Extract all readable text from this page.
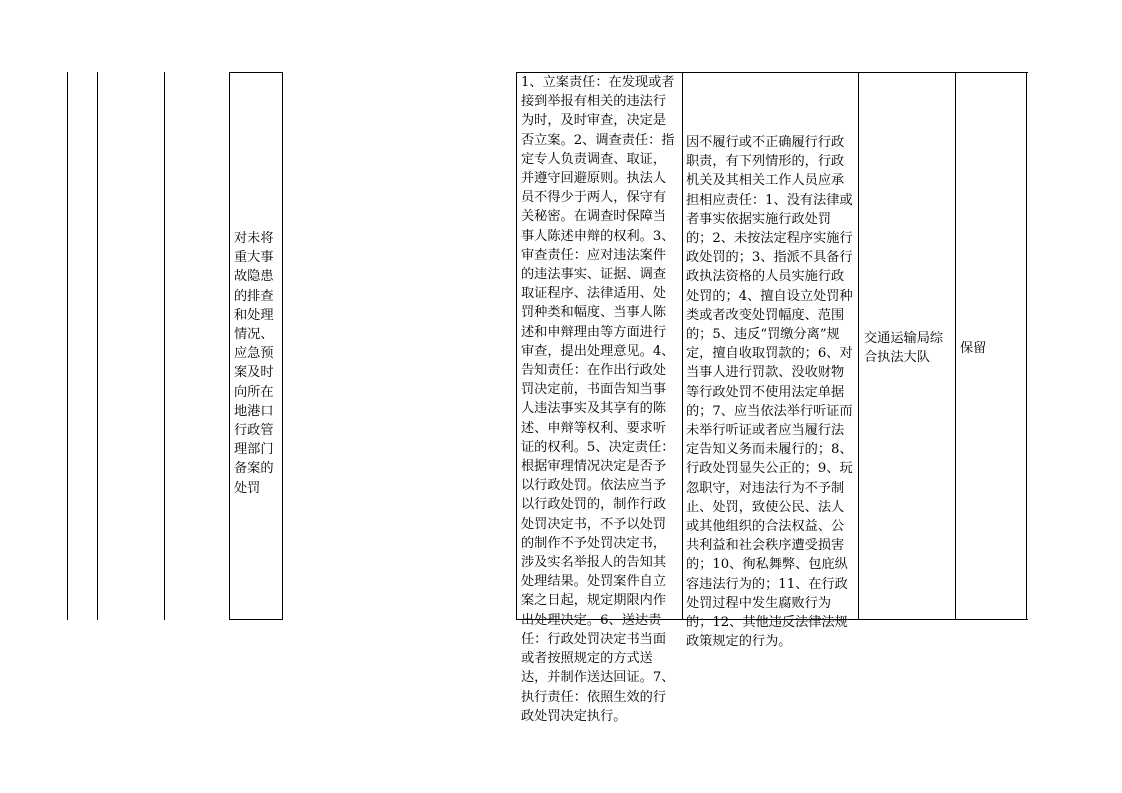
对未将重大事故隐患的排查和处理情况、应急预案及时向所在地港口行政管理部门备案的处罚
1、立案责任：在发现或者接到举报有相关的违法行为时，及时审查，决定是否立案。2、调查责任：指定专人负责调查、取证，并遵守回避原则。执法人员不得少于两人，保守有关秘密。在调查时保障当事人陈述申辩的权利。3、审查责任：应对违法案件的违法事实、证据、调查取证程序、法律适用、处罚种类和幅度、当事人陈述和申辩理由等方面进行审查，提出处理意见。4、告知责任：在作出行政处罚决定前，书面告知当事人违法事实及其享有的陈述、申辩等权利、要求听证的权利。5、决定责任：根据审理情况决定是否予以行政处罚。依法应当予以行政处罚的，制作行政处罚决定书，不予以处罚的制作不予处罚决定书，涉及实名举报人的告知其处理结果。处罚案件自立案之日起，规定期限内作出处理决定。6、送达责任：行政处罚决定书当面或者按照规定的方式送达，并制作送达回证。7、执行责任：依照生效的行政处罚决定执行。
因不履行或不正确履行行政职责，有下列情形的，行政机关及其相关工作人员应承担相应责任：1、没有法律或者事实依据实施行政处罚的；2、未按法定程序实施行政处罚的；3、指派不具备行政执法资格的人员实施行政处罚的；4、擅自设立处罚种类或者改变处罚幅度、范围的；5、违反“罚缴分离”规定，擅自收取罚款的；6、对当事人进行罚款、没收财物等行政处罚不使用法定单据的；7、应当依法举行听证而未举行听证或者应当履行法定告知义务而未履行的；8、行政处罚显失公正的；9、玩忽职守，对违法行为不予制止、处罚，致使公民、法人或其他组织的合法权益、公共利益和社会秩序遭受损害的；10、徇私舞弊、包庇纵容违法行为的；11、在行政处罚过程中发生腐败行为的；12、其他违反法律法规政策规定的行为。
交通运输局综合执法大队
保留
